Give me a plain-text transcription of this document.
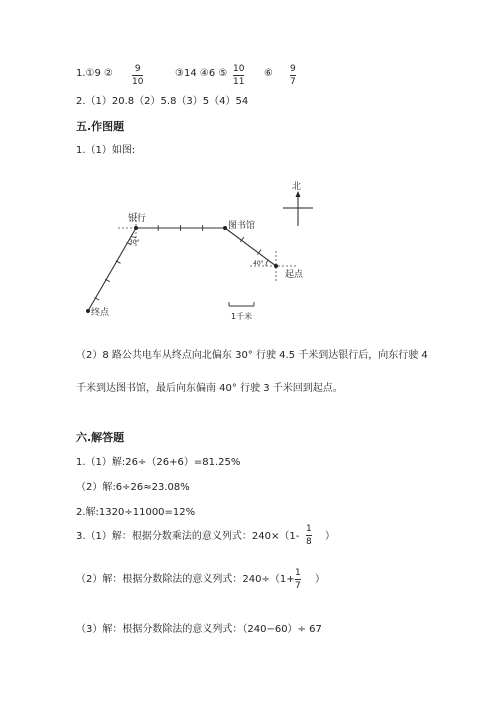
1.①9 ② 9
10
③14 ④6 ⑤ 10
11
⑥ 9
7
2.（1）20.8（2）5.8（3）5（4）54
五.作图题
1.（1）如图:
北
银行
图书馆
起点
终点
30°
40°
1千米
（2）8 路公共电车从终点向北偏东 30° 行驶 4.5 千米到达银行后，向东行驶 4
千米到达图书馆，最后向东偏南 40° 行驶 3 千米回到起点。
六.解答题
1.（1）解:26÷（26+6）=81.25%
（2）解:6÷26≈23.08%
2.解:1320÷11000=12%
3.（1）解：根据分数乘法的意义列式：240×（1-
1
8 ）
（2）解：根据分数除法的意义列式：240÷（1+
1
7
）
（3）解：根据分数除法的意义列式：（240−60）÷ 67
